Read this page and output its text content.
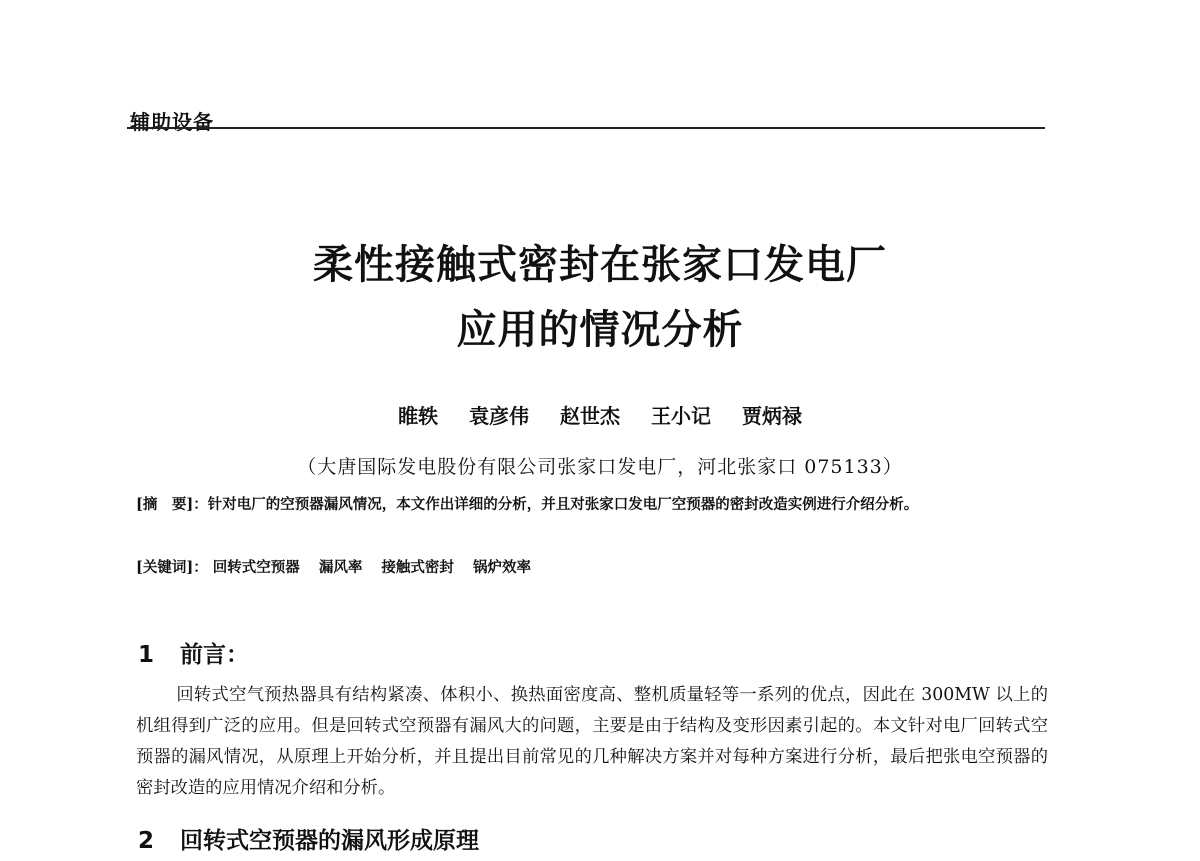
辅助设备
柔性接触式密封在张家口发电厂
应用的情况分析
睢轶 袁彦伟 赵世杰 王小记 贾炳禄
（大唐国际发电股份有限公司张家口发电厂，河北张家口 075133）
[摘　要]：针对电厂的空预器漏风情况，本文作出详细的分析，并且对张家口发电厂空预器的密封改造实例进行介绍分析。
[关键词]： 回转式空预器 漏风率 接触式密封 锅炉效率
1 前言：
回转式空气预热器具有结构紧凑、体积小、换热面密度高、整机质量轻等一系列的优点，因此在 300MW 以上的机组得到广泛的应用。但是回转式空预器有漏风大的问题，主要是由于结构及变形因素引起的。本文针对电厂回转式空预器的漏风情况，从原理上开始分析，并且提出目前常见的几种解决方案并对每种方案进行分析，最后把张电空预器的密封改造的应用情况介绍和分析。
2 回转式空预器的漏风形成原理
